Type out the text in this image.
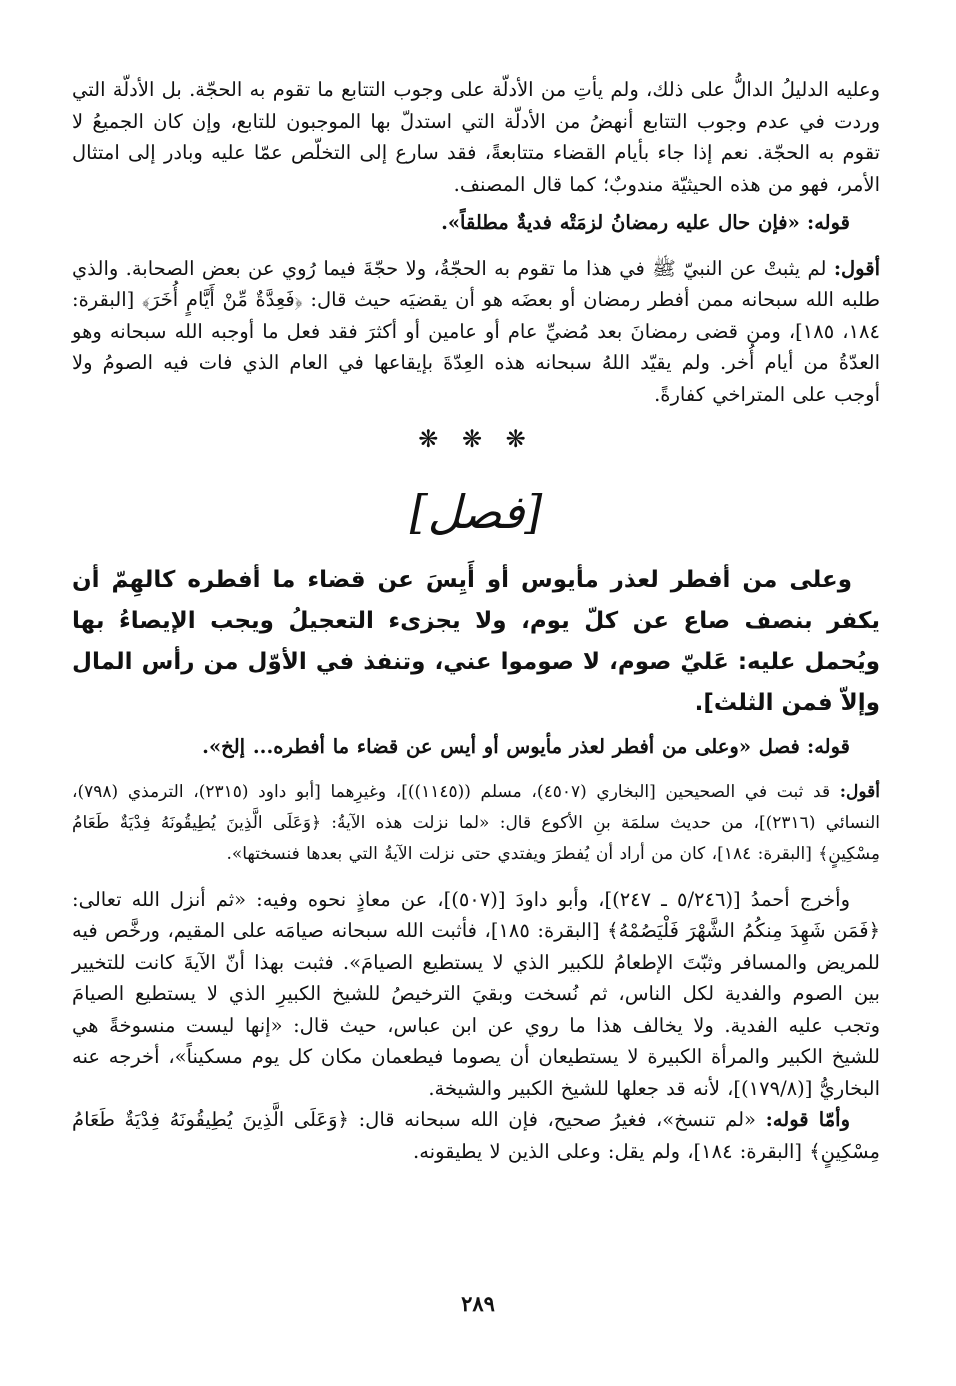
وعليه الدليلُ الدالُّ على ذلك، ولم يأتِ من الأدلّة على وجوب التتابع ما تقوم به الحجّة. بل الأدلّة التي وردت في عدم وجوب التتابع أنهضُ من الأدلّة التي استدلّ بها الموجبون للتابع، وإن كان الجميعُ لا تقوم به الحجّة. نعم إذا جاء بأيام القضاء متتابعةً، فقد سارع إلى التخلّص عمّا عليه وبادر إلى امتثال الأمر، فهو من هذه الحيثيّة مندوبٌ؛ كما قال المصنف.

قوله: «فإن حال عليه رمضانُ لزمَتْه فديةٌ مطلقاً».

أقول: لم يثبتْ عن النبيّ ﷺ في هذا ما تقوم به الحجّةُ، ولا حجّةَ فيما رُوي عن بعض الصحابة. والذي طلبه الله سبحانه ممن أفطر رمضان أو بعضَه هو أن يقضيَه حيث قال: ﴿فَعِدَّةٌ مِّنْ أَيَّامٍ أُخَرَ﴾ [البقرة: ١٨٤، ١٨٥]، ومن قضى رمضانَ بعد مُضيِّ عام أو عامين أو أكثرَ فقد فعل ما أوجبه الله سبحانه وهو العدّةُ من أيام أُخر. ولم يقيّد اللهُ سبحانه هذه العِدّةَ بإيقاعها في العام الذي فات فيه الصومُ ولا أوجب على المتراخي كفارةً.

❋ ❋ ❋
[فصل]

وعلى من أفطر لعذر مأيوس أو أَيِسَ عن قضاء ما أفطره كالهِمّ أن يكفر بنصف صاع عن كلّ يوم، ولا يجزىء التعجيلُ ويجب الإيصاءُ بها ويُحمل عليه: عَليّ صوم، لا صوموا عني، وتنفذ في الأوّل من رأس المال وإلاّ فمن الثلث].

قوله: فصل «وعلى من أفطر لعذر مأيوس أو أيس عن قضاء ما أفطره... إلخ».

أقول: قد ثبت في الصحيحين [البخاري (٤٥٠٧)، مسلم ((١١٤٥))]، وغيرِهما [أبو داود (٢٣١٥)، الترمذي (٧٩٨)، النسائي (٢٣١٦)]، من حديث سلمَة بنِ الأكوع قال: «لما نزلت هذه الآيةُ: ﴿وَعَلَى الَّذِينَ يُطِيقُونَهُ فِدْيَةٌ طَعَامُ مِسْكِينٍ﴾ [البقرة: ١٨٤]، كان من أراد أن يُفطرَ ويفتدي حتى نزلت الآيةُ التي بعدها فنسختها».

وأخرج أحمدُ [(٥/٢٤٦ ـ ٢٤٧)]، وأبو داودَ [(٥٠٧)]، عن معاذٍ نحوه وفيه: «ثم أنزل الله تعالى: ﴿فَمَن شَهِدَ مِنكُمُ الشَّهْرَ فَلْيَصُمْهُ﴾ [البقرة: ١٨٥]، فأثبت الله سبحانه صيامَه على المقيم، ورخَّص فيه للمريض والمسافر وثبّتَ الإطعامُ للكبير الذي لا يستطيع الصيامَ». فثبت بهذا أنّ الآيةَ كانت للتخيير بين الصوم والفدية لكل الناس، ثم نُسخت وبقيَ الترخيصُ للشيخ الكبيرِ الذي لا يستطيع الصيامَ وتجب عليه الفدية. ولا يخالف هذا ما روي عن ابن عباس، حيث قال: «إنها ليست منسوخةً هي للشيخ الكبير والمرأة الكبيرة لا يستطيعان أن يصوما فيطعمان مكان كل يوم مسكيناً»، أخرجه عنه البخاريُّ [(١٧٩/٨)]، لأنه قد جعلها للشيخ الكبير والشيخة.

وأمّا قوله: «لم تنسخ»، فغيرُ صحيح، فإن الله سبحانه قال: ﴿وَعَلَى الَّذِينَ يُطِيقُونَهُ فِدْيَةٌ طَعَامُ مِسْكِينٍ﴾ [البقرة: ١٨٤]، ولم يقل: وعلى الذين لا يطيقونه.

٢٨٩
